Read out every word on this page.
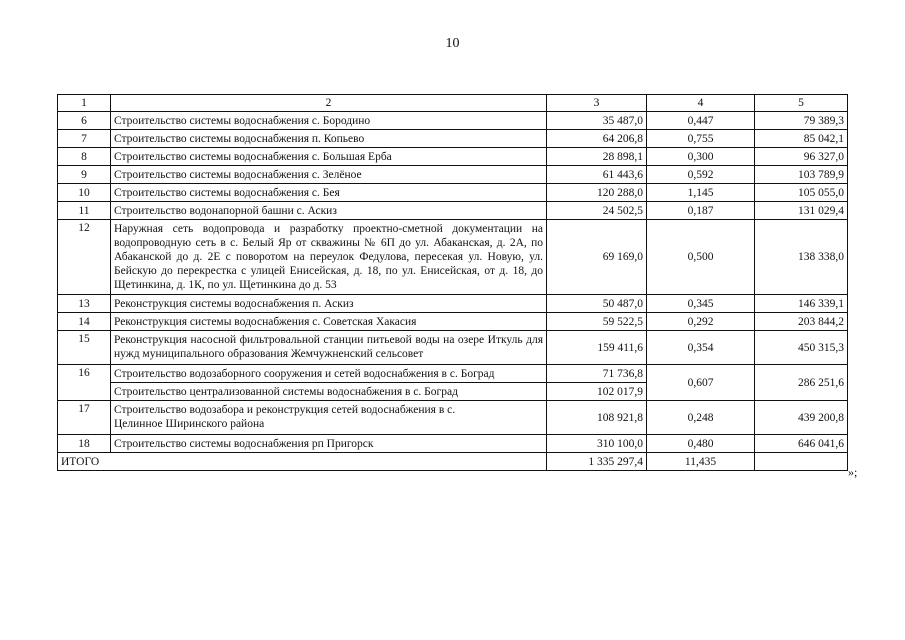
10
1	2	3	4	5
6	Строительство системы водоснабжения с. Бородино	35 487,0	0,447	79 389,3
7	Строительство системы водоснабжения п. Копьево	64 206,8	0,755	85 042,1
8	Строительство системы водоснабжения с. Большая Ерба	28 898,1	0,300	96 327,0
9	Строительство системы водоснабжения с. Зелёное	61 443,6	0,592	103 789,9
10	Строительство системы водоснабжения с. Бея	120 288,0	1,145	105 055,0
11	Строительство водонапорной башни с. Аскиз	24 502,5	0,187	131 029,4
12	Наружная сеть водопровода и разработку проектно-сметной документации на водопроводную сеть в с. Белый Яр от скважины № 6П до ул. Абаканская, д. 2А, по Абаканской до д. 2Е с поворотом на переулок Федулова, пересекая ул. Новую, ул. Бейскую до перекрестка с улицей Енисейская, д. 18, по ул. Енисейская, от д. 18, до Щетинкина, д. 1К, по ул. Щетинкина до д. 53	69 169,0	0,500	138 338,0
13	Реконструкция системы водоснабжения п. Аскиз	50 487,0	0,345	146 339,1
14	Реконструкция системы водоснабжения с. Советская Хакасия	59 522,5	0,292	203 844,2
15	Реконструкция насосной фильтровальной станции питьевой воды на озере Иткуль для нужд муниципального образования Жемчужненский сельсовет	159 411,6	0,354	450 315,3
16	Строительство водозаборного сооружения и сетей водоснабжения в с. Боград	71 736,8	0,607	286 251,6
	Строительство централизованной системы водоснабжения в с. Боград	102 017,9		
17	Строительство водозабора и реконструкция сетей водоснабжения в с. Целинное Ширинского района	108 921,8	0,248	439 200,8
18	Строительство системы водоснабжения рп Пригорск	310 100,0	0,480	646 041,6
ИТОГО		1 335 297,4	11,435	
»;
